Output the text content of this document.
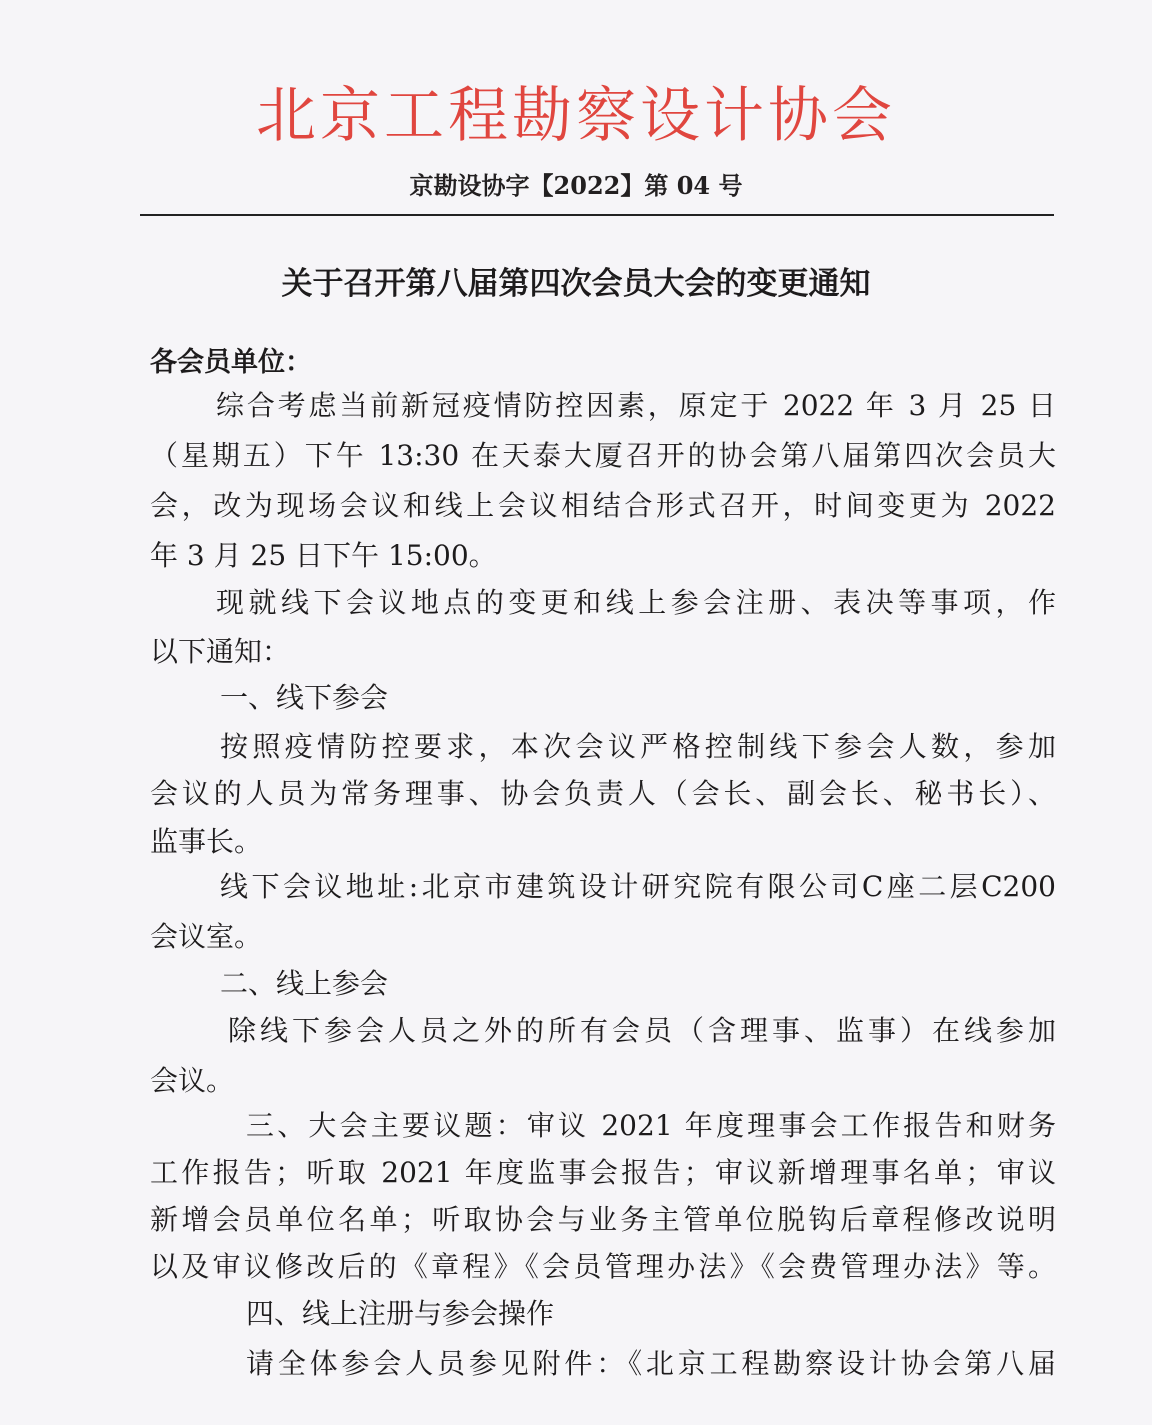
北京工程勘察设计协会
京勘设协字【2022】第 04 号
关于召开第八届第四次会员大会的变更通知
各会员单位：
综合考虑当前新冠疫情防控因素，原定于 2022 年 3 月 25 日
（星期五）下午 13:30 在天泰大厦召开的协会第八届第四次会员大
会，改为现场会议和线上会议相结合形式召开，时间变更为 2022
年 3 月 25 日下午 15:00。
现就线下会议地点的变更和线上参会注册、表决等事项，作
以下通知：
一、线下参会
按照疫情防控要求，本次会议严格控制线下参会人数，参加
会议的人员为常务理事、协会负责人（会长、副会长、秘书长）、
监事长。
线下会议地址:北京市建筑设计研究院有限公司C座二层C200
会议室。
二、线上参会
除线下参会人员之外的所有会员（含理事、监事）在线参加
会议。
三、大会主要议题：审议 2021 年度理事会工作报告和财务
工作报告；听取 2021 年度监事会报告；审议新增理事名单；审议
新增会员单位名单；听取协会与业务主管单位脱钩后章程修改说明
以及审议修改后的《章程》《会员管理办法》《会费管理办法》等。
四、线上注册与参会操作
请全体参会人员参见附件：《北京工程勘察设计协会第八届
